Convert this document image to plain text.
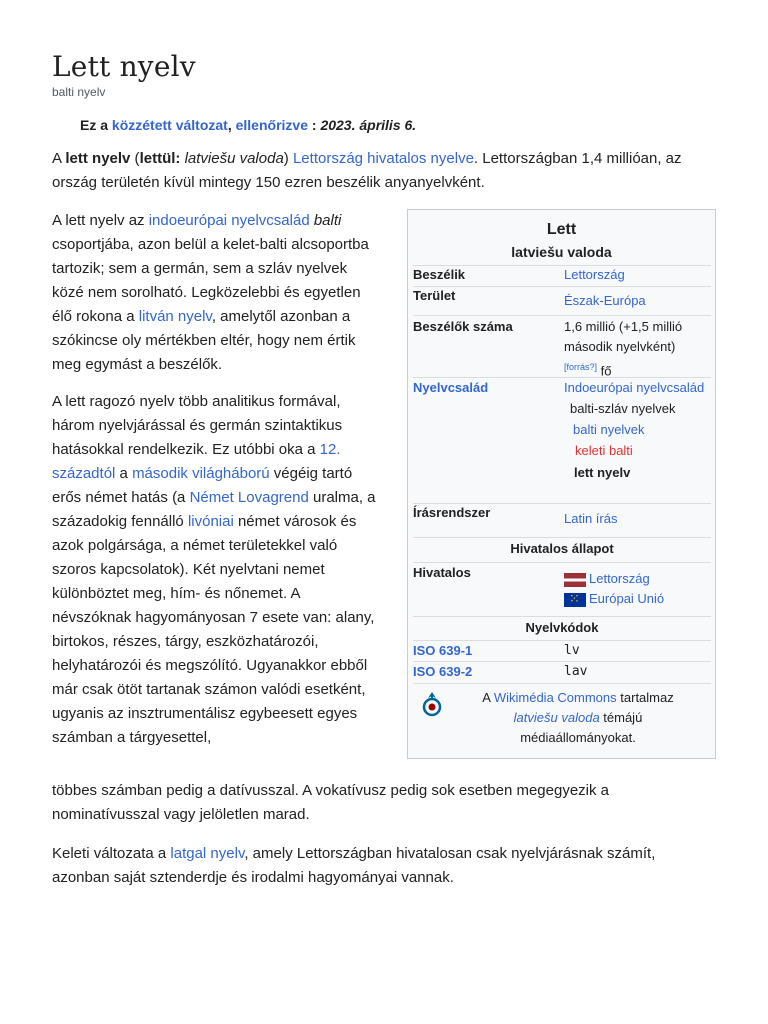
Lett nyelv
balti nyelv
Ez a közzétett változat, ellenőrizve : 2023. április 6.
A lett nyelv (lettül: latviešu valoda) Lettország hivatalos nyelve. Lettországban 1,4 millióan, az ország területén kívül mintegy 150 ezren beszélik anyanyelvként.

A lett nyelv az indoeurópai nyelvcsalád balti csoportjába, azon belül a kelet-balti alcsoportba tartozik; sem a germán, sem a szláv nyelvek közé nem sorolható. Legközelebbi és egyetlen élő rokona a litván nyelv, amelytől azonban a szókincse oly mértékben eltér, hogy nem értik meg egymást a beszélők.

A lett ragozó nyelv több analitikus formával, három nyelvjárással és germán szintaktikus hatásokkal rendelkezik. Ez utóbbi oka a 12. századtól a második világháború végéig tartó erős német hatás (a Német Lovagrend uralma, a századokig fennálló livóniai német városok és azok polgársága, a német területekkel való szoros kapcsolatok). Két nyelvtani nemet különböztet meg, hím- és nőnemet. A névszóknak hagyományosan 7 esete van: alany, birtokos, részes, tárgy, eszközhatározói, helyhatározói és megszólító. Ugyanakkor ebből már csak ötöt tartanak számon valódi esetként, ugyanis az insztrumentálisz egybeesett egyes számban a tárgyesettel,

többes számban pedig a datívusszal. A vokatívusz pedig sok esetben megegyezik a nominatívusszal vagy jelöletlen marad.

Keleti változata a latgal nyelv, amely Lettországban hivatalosan csak nyelvjárásnak számít, azonban saját sztenderdje és irodalmi hagyományai vannak.
Lett
latviešu valoda
Beszélik	Lettország
Terület	Észak-Európa
Beszélők száma	1,6 millió (+1,5 millió második nyelvként)
[forrás?] fő
Nyelvcsalád	Indoeurópai nyelvcsalád
balti-szláv nyelvek
balti nyelvek
keleti balti
lett nyelv
Írásrendszer	Latin írás
Hivatalos állapot
Hivatalos	Lettország
⁙Európai Unió
Nyelvkódok
ISO 639-1	lv
ISO 639-2	lav
A Wikimédia Commons tartalmaz
latviešu valoda témájú
médiaállományokat.
